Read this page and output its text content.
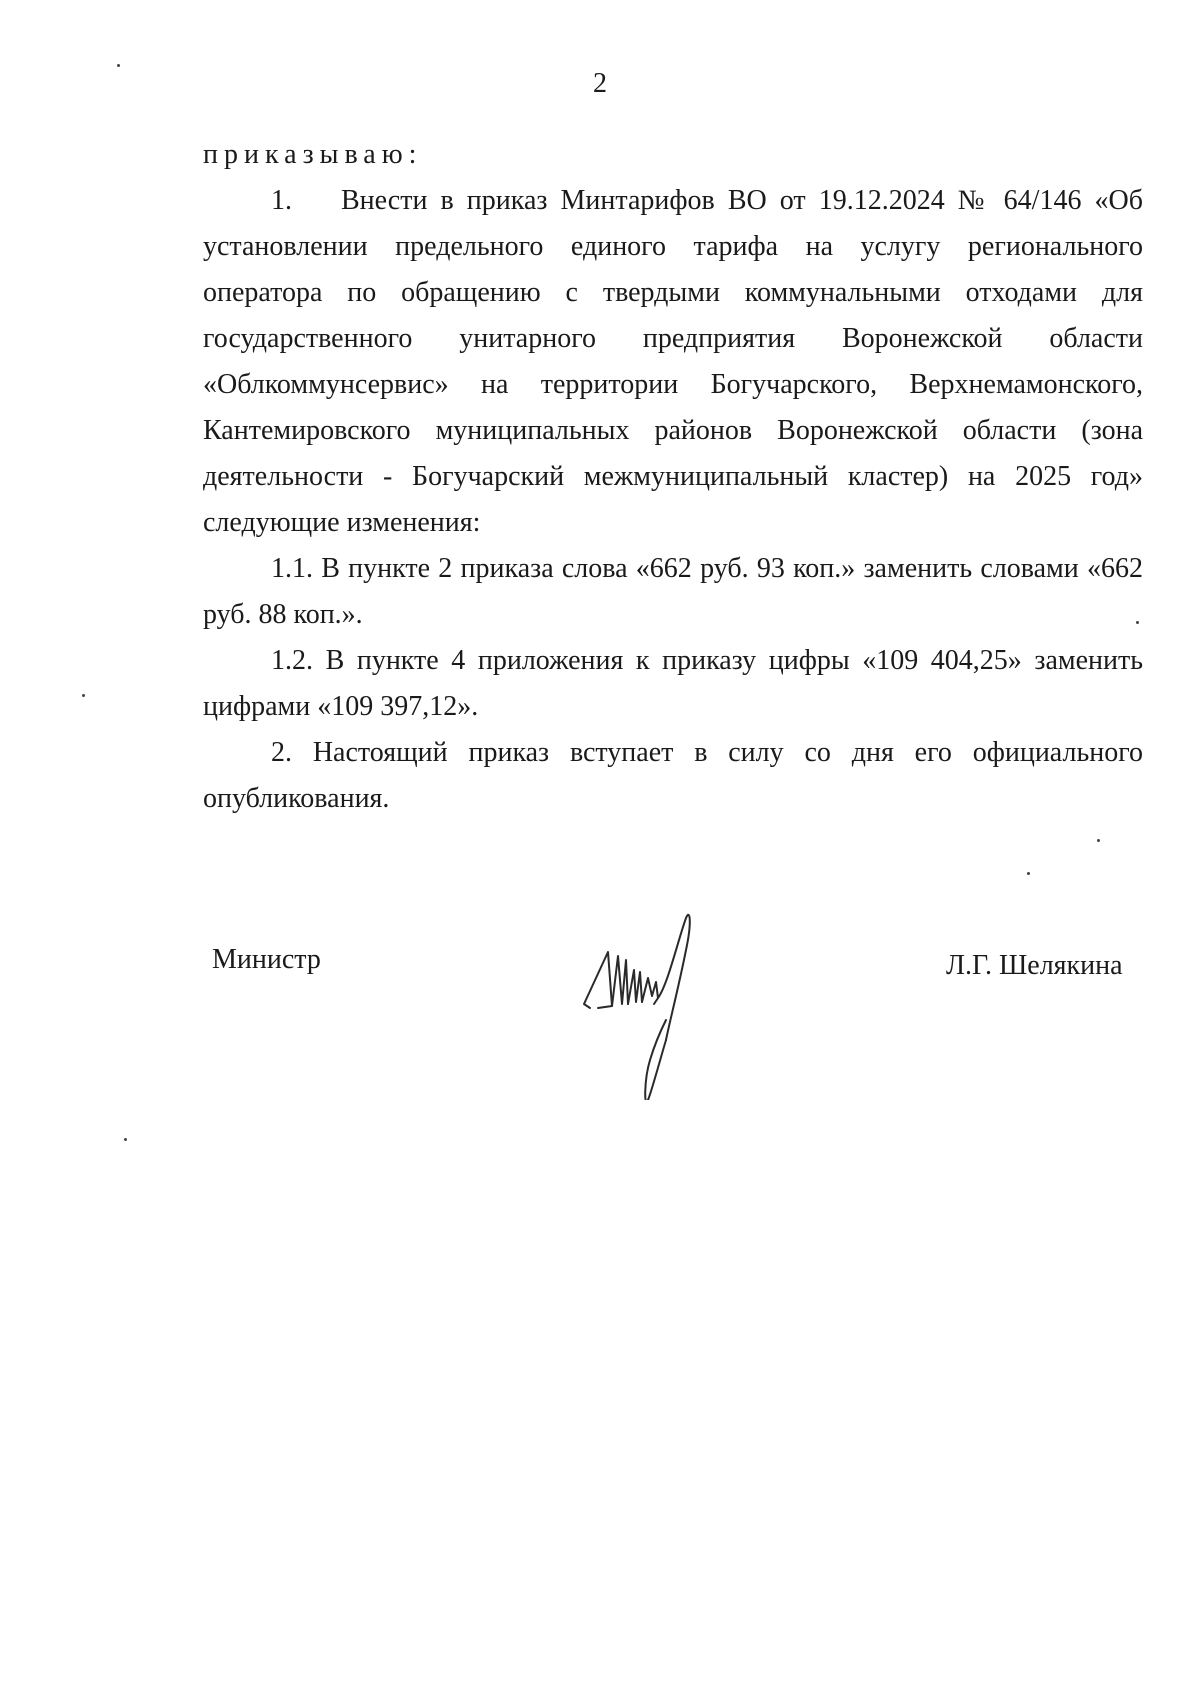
2

приказываю:

1. Внести в приказ Минтарифов ВО от 19.12.2024 № 64/146 «Об установлении предельного единого тарифа на услугу регионального оператора по обращению с твердыми коммунальными отходами для государственного унитарного предприятия Воронежской области «Облкоммунсервис» на территории Богучарского, Верхнемамонского, Кантемировского муниципальных районов Воронежской области (зона деятельности - Богучарский межмуниципальный кластер) на 2025 год» следующие изменения:

1.1. В пункте 2 приказа слова «662 руб. 93 коп.» заменить словами «662 руб. 88 коп.».

1.2. В пункте 4 приложения к приказу цифры «109 404,25» заменить цифрами «109 397,12».

2. Настоящий приказ вступает в силу со дня его официального опубликования.

Министр	Л.Г. Шелякина
